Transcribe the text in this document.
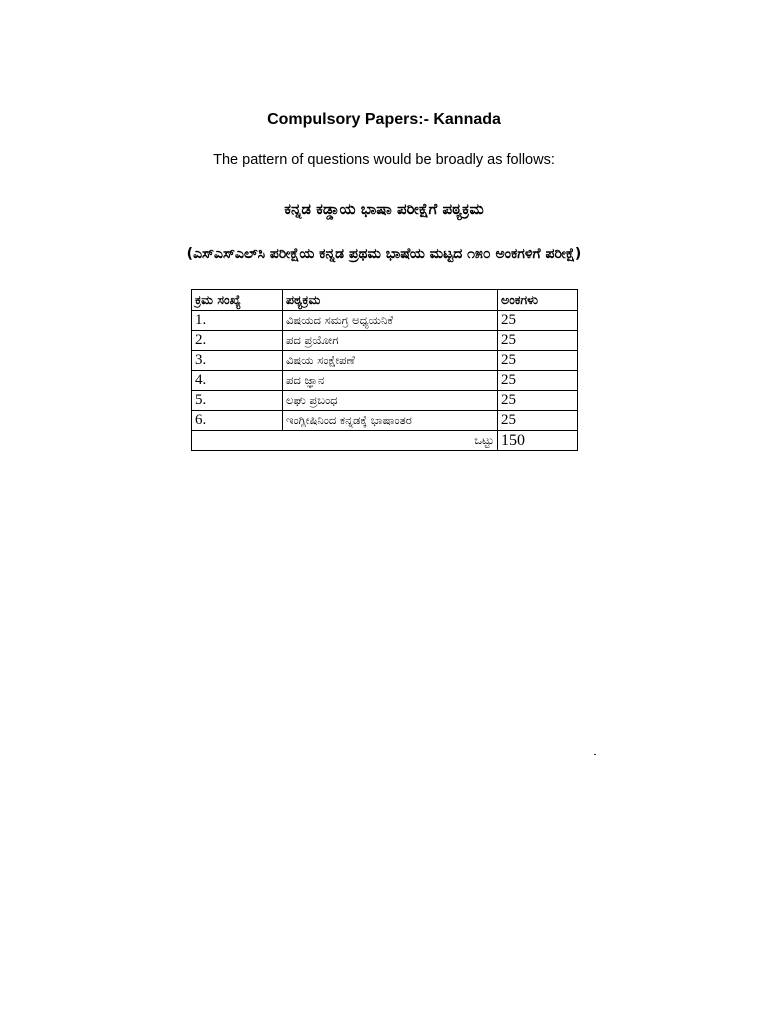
Compulsory Papers:- Kannada
The pattern of questions would be broadly as follows:
ಕನ್ನಡ ಕಡ್ಡಾಯ ಭಾಷಾ ಪರೀಕ್ಷೆಗೆ ಪಠ್ಯಕ್ರಮ
(ಎಸ್‌ಎಸ್‌ಎಲ್‌ಸಿ ಪರೀಕ್ಷೆಯ ಕನ್ನಡ ಪ್ರಥಮ ಭಾಷೆಯ ಮಟ್ಟದ ೧೫೦ ಅಂಕಗಳಿಗೆ ಪರೀಕ್ಷೆ)
ಕ್ರಮ ಸಂಖ್ಯೆ	ಪಠ್ಯಕ್ರಮ	ಅಂಕಗಳು
1.	ವಿಷಯದ ಸಮಗ್ರ ಅಧ್ಯಯನಿಕೆ	25
2.	ಪದ ಪ್ರಯೋಗ	25
3.	ವಿಷಯ ಸಂಕ್ಷೇಪಣೆ	25
4.	ಪದ ಜ್ಞಾನ	25
5.	ಲಘು ಪ್ರಬಂಧ	25
6.	ಇಂಗ್ಲೀಷಿನಿಂದ ಕನ್ನಡಕ್ಕೆ ಭಾಷಾಂತರ	25
ಒಟ್ಟು		150
